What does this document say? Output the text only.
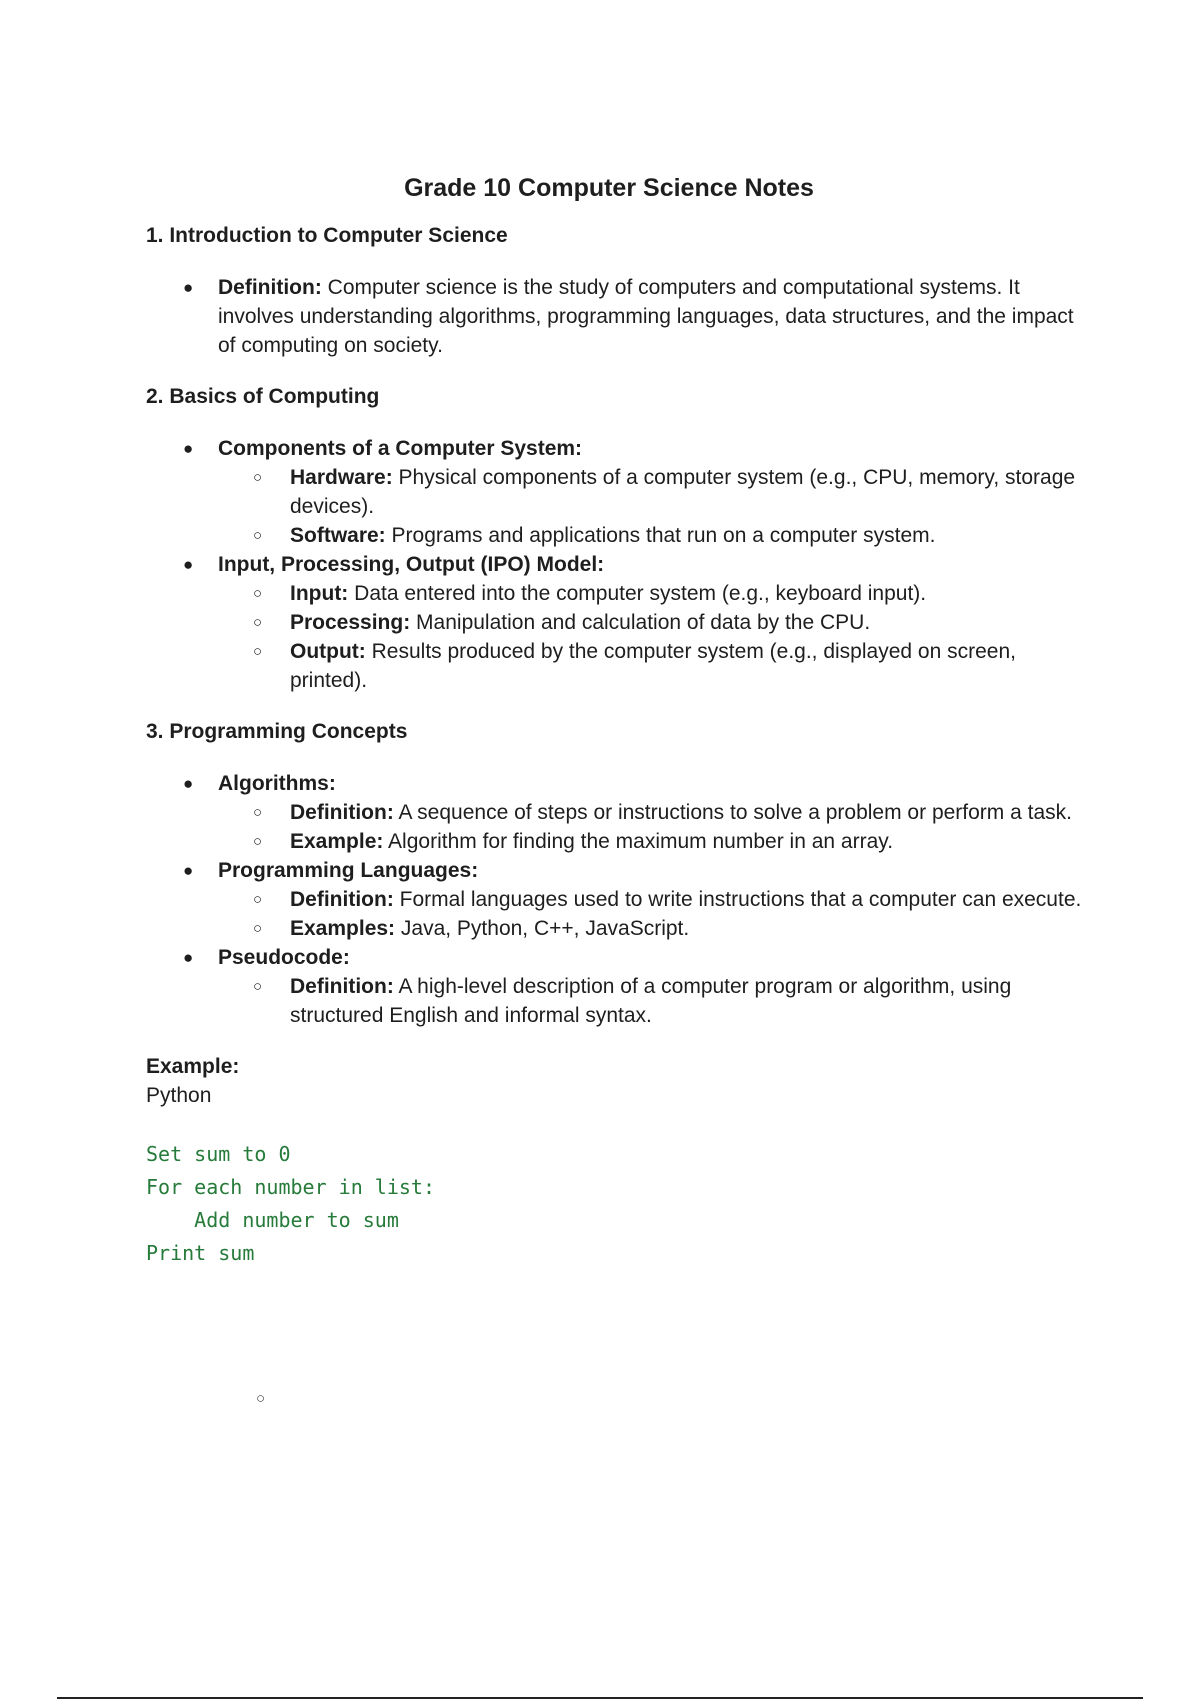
Grade 10 Computer Science Notes
1. Introduction to Computer Science
● Definition: Computer science is the study of computers and computational systems. It involves understanding algorithms, programming languages, data structures, and the impact of computing on society.
2. Basics of Computing
● Components of a Computer System:
○ Hardware: Physical components of a computer system (e.g., CPU, memory, storage devices).
○ Software: Programs and applications that run on a computer system.
● Input, Processing, Output (IPO) Model:
○ Input: Data entered into the computer system (e.g., keyboard input).
○ Processing: Manipulation and calculation of data by the CPU.
○ Output: Results produced by the computer system (e.g., displayed on screen, printed).
3. Programming Concepts
● Algorithms:
○ Definition: A sequence of steps or instructions to solve a problem or perform a task.
○ Example: Algorithm for finding the maximum number in an array.
● Programming Languages:
○ Definition: Formal languages used to write instructions that a computer can execute.
○ Examples: Java, Python, C++, JavaScript.
● Pseudocode:
○ Definition: A high-level description of a computer program or algorithm, using structured English and informal syntax.
Example:
Python
Set sum to 0
For each number in list:
Add number to sum
Print sum
○
